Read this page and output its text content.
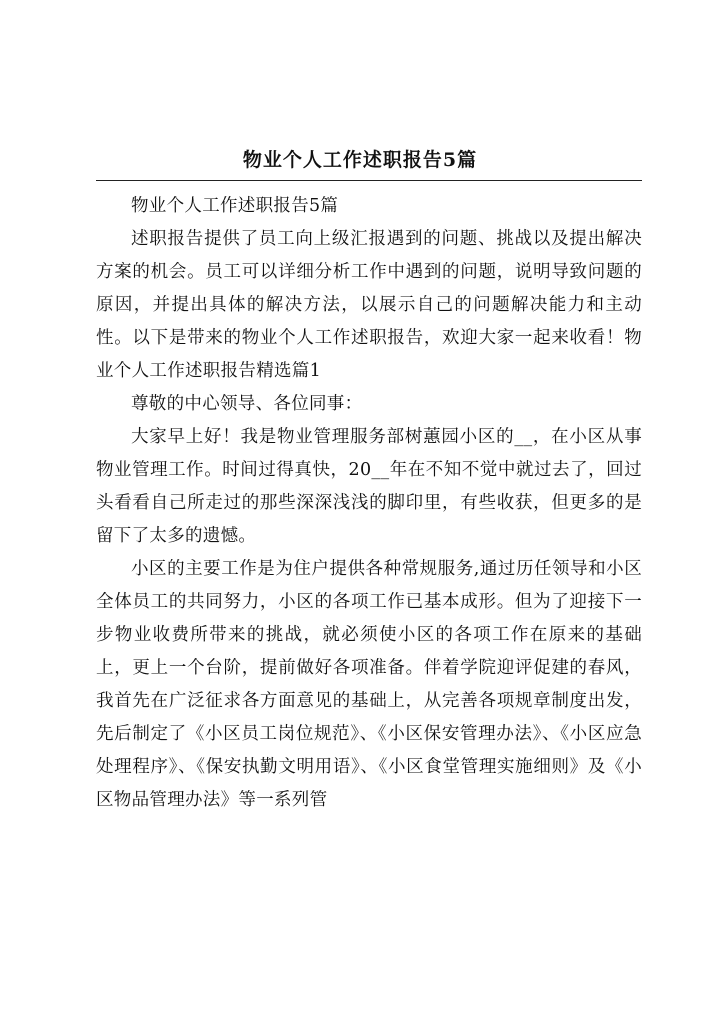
物业个人工作述职报告5篇

物业个人工作述职报告5篇

述职报告提供了员工向上级汇报遇到的问题、挑战以及提出解决方案的机会。员工可以详细分析工作中遇到的问题，说明导致问题的原因，并提出具体的解决方法，以展示自己的问题解决能力和主动性。以下是带来的物业个人工作述职报告，欢迎大家一起来收看！物业个人工作述职报告精选篇1

尊敬的中心领导、各位同事：

大家早上好！我是物业管理服务部树蕙园小区的__，在小区从事物业管理工作。时间过得真快，20__年在不知不觉中就过去了，回过头看看自己所走过的那些深深浅浅的脚印里，有些收获，但更多的是留下了太多的遗憾。

小区的主要工作是为住户提供各种常规服务,通过历任领导和小区全体员工的共同努力，小区的各项工作已基本成形。但为了迎接下一步物业收费所带来的挑战，就必须使小区的各项工作在原来的基础上，更上一个台阶，提前做好各项准备。伴着学院迎评促建的春风，我首先在广泛征求各方面意见的基础上，从完善各项规章制度出发，先后制定了《小区员工岗位规范》、《小区保安管理办法》、《小区应急处理程序》、《保安执勤文明用语》、《小区食堂管理实施细则》及《小区物品管理办法》等一系列管
